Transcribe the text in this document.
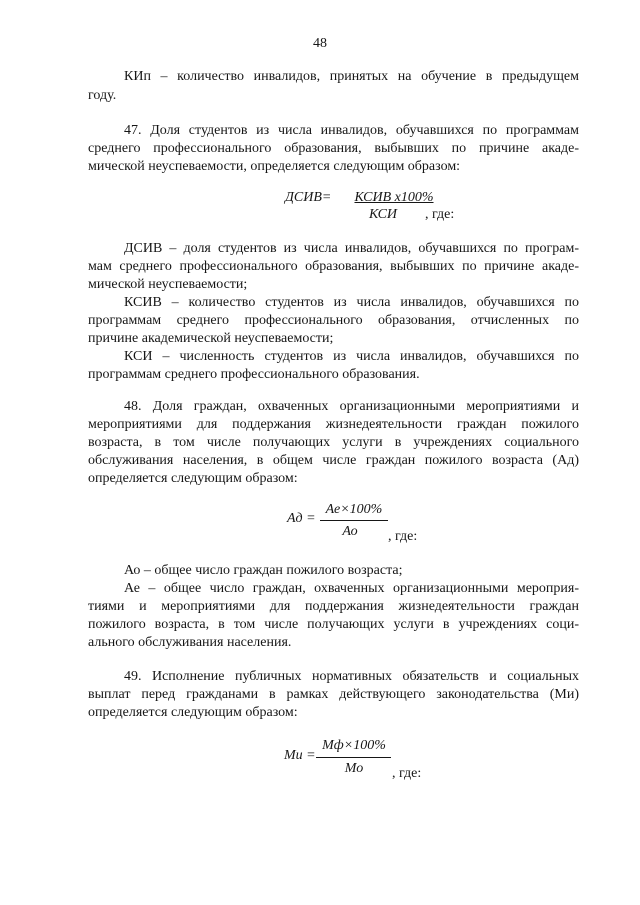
48
КИп – количество инвалидов, принятых на обучение в предыдущем
году.
47. Доля студентов из числа инвалидов, обучавшихся по программам
среднего профессионального образования, выбывших по причине акаде-
мической неуспеваемости, определяется следующим образом:
ДСИВ=	КСИВ х100%
КСИ	, где:
ДСИВ – доля студентов из числа инвалидов, обучавшихся по програм-
мам среднего профессионального образования, выбывших по причине акаде-
мической неуспеваемости;
КСИВ – количество студентов из числа инвалидов, обучавшихся по
программам среднего профессионального образования, отчисленных по
причине академической неуспеваемости;
КСИ – численность студентов из числа инвалидов, обучавшихся по
программам среднего профессионального образования.
48. Доля граждан, охваченных организационными мероприятиями и
мероприятиями для поддержания жизнедеятельности граждан пожилого
возраста, в том числе получающих услуги в учреждениях социального
обслуживания населения, в общем числе граждан пожилого возраста (Ад)
определяется следующим образом:
Ад =
Ае×100%
Ао	, где:
Ао – общее число граждан пожилого возраста;
Ае – общее число граждан, охваченных организационными мероприя-
тиями и мероприятиями для поддержания жизнедеятельности граждан
пожилого возраста, в том числе получающих услуги в учреждениях соци-
ального обслуживания населения.
49. Исполнение публичных нормативных обязательств и социальных
выплат перед гражданами в рамках действующего законодательства (Ми)
определяется следующим образом:
Ми =
Мф×100%
Мо	, где:
